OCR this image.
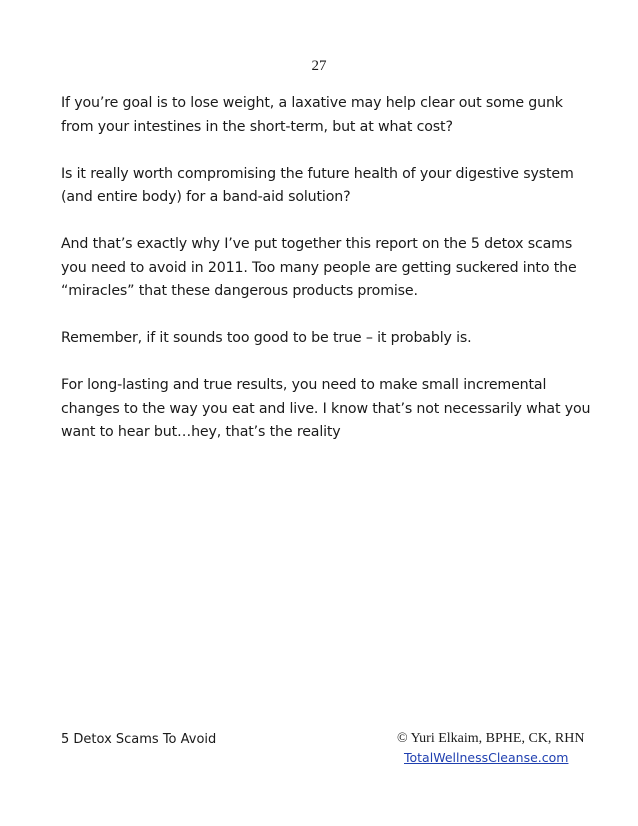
27

If you’re goal is to lose weight, a laxative may help clear out some gunk from your intestines in the short-term, but at what cost?

Is it really worth compromising the future health of your digestive system (and entire body) for a band-aid solution?

And that’s exactly why I’ve put together this report on the 5 detox scams you need to avoid in 2011. Too many people are getting suckered into the “miracles” that these dangerous products promise.

Remember, if it sounds too good to be true – it probably is.

For long-lasting and true results, you need to make small incremental changes to the way you eat and live. I know that’s not necessarily what you want to hear but…hey, that’s the reality

5 Detox Scams To Avoid	© Yuri Elkaim, BPHE, CK, RHN
TotalWellnessCleanse.com
